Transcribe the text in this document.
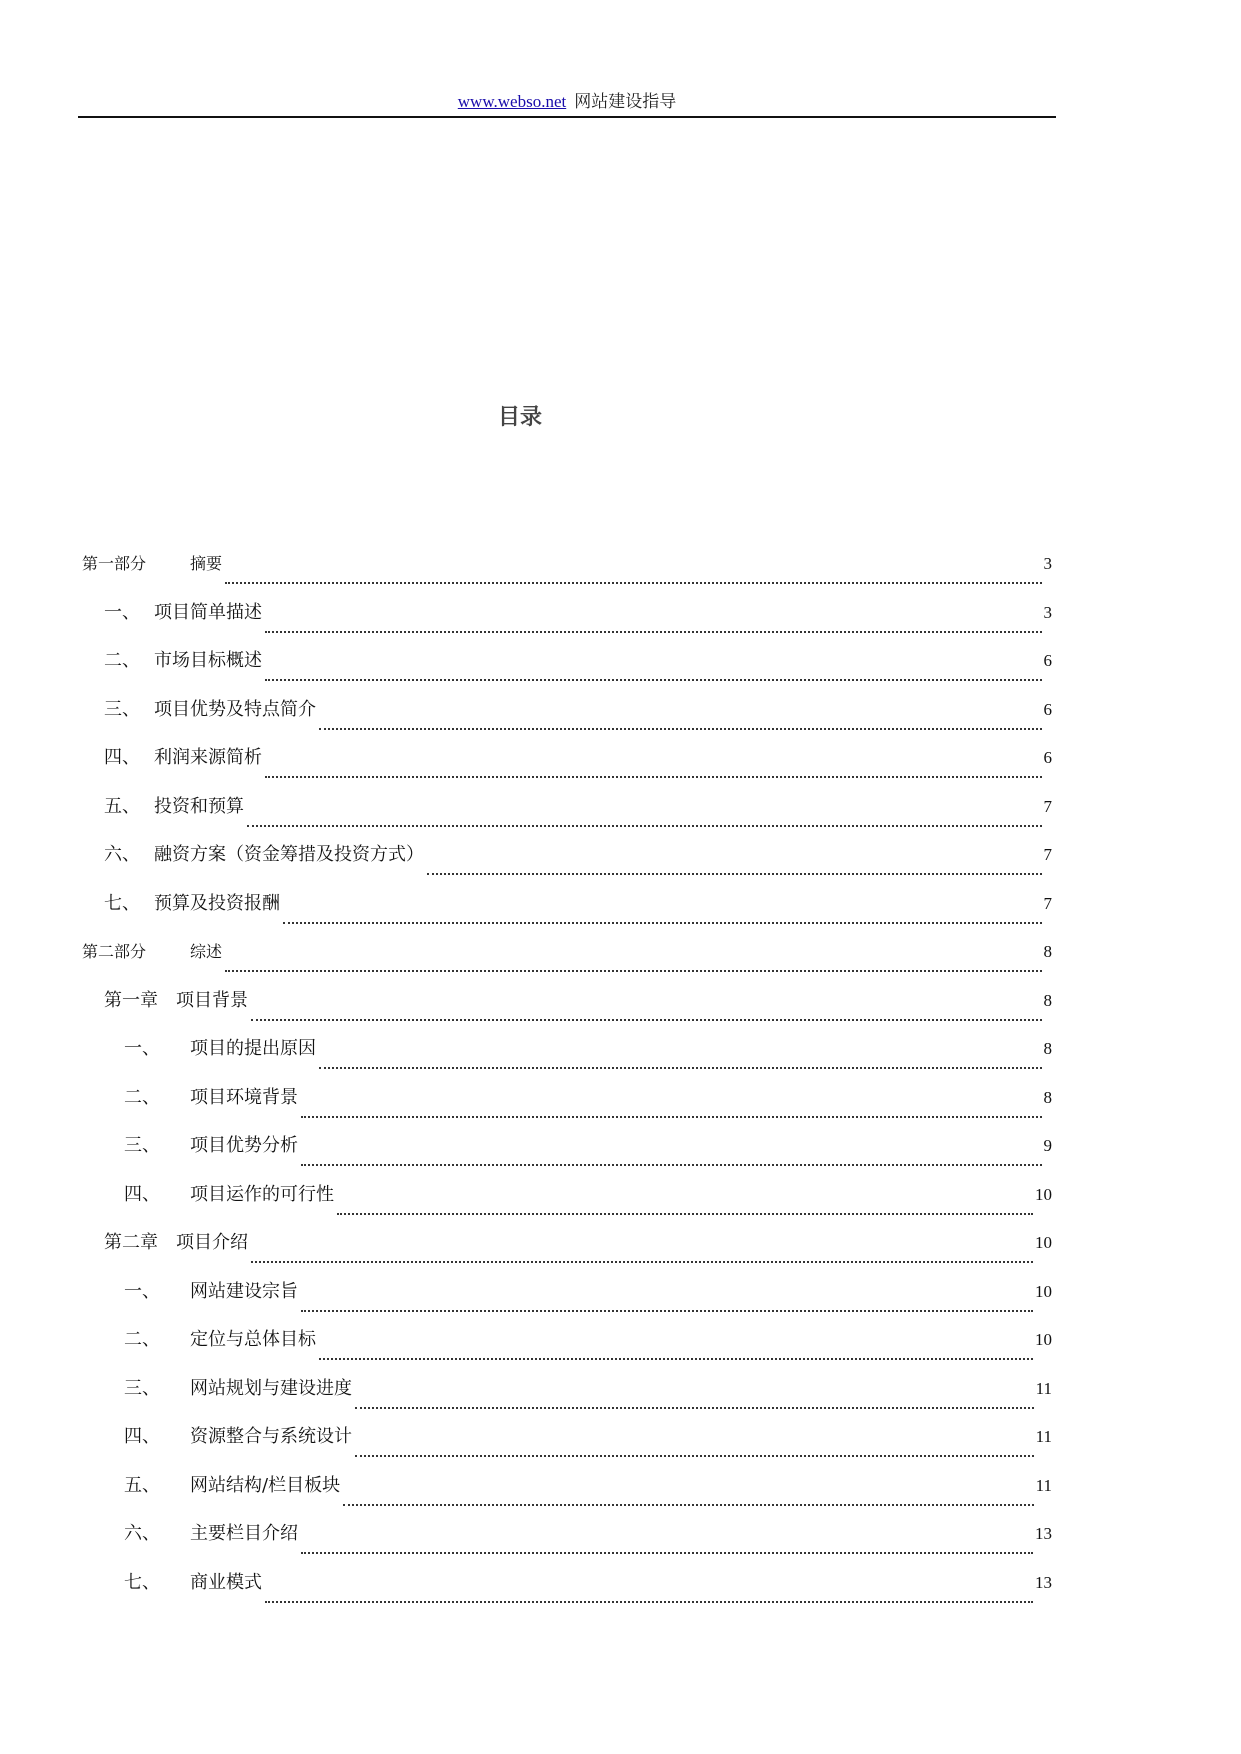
www.webso.net 网站建设指导
目录
第一部分	摘要	3
一、 项目简单描述	3
二、 市场目标概述	6
三、 项目优势及特点简介	6
四、 利润来源简析	6
五、 投资和预算	7
六、 融资方案（资金筹措及投资方式）	7
七、 预算及投资报酬	7
第二部分	综述	8
第一章	项目背景	8
一、	项目的提出原因	8
二、	项目环境背景	8
三、	项目优势分析	9
四、	项目运作的可行性	10
第二章	项目介绍	10
一、	网站建设宗旨	10
二、	定位与总体目标	10
三、	网站规划与建设进度	11
四、	资源整合与系统设计	11
五、	网站结构/栏目板块	11
六、	主要栏目介绍	13
七、	商业模式	13
